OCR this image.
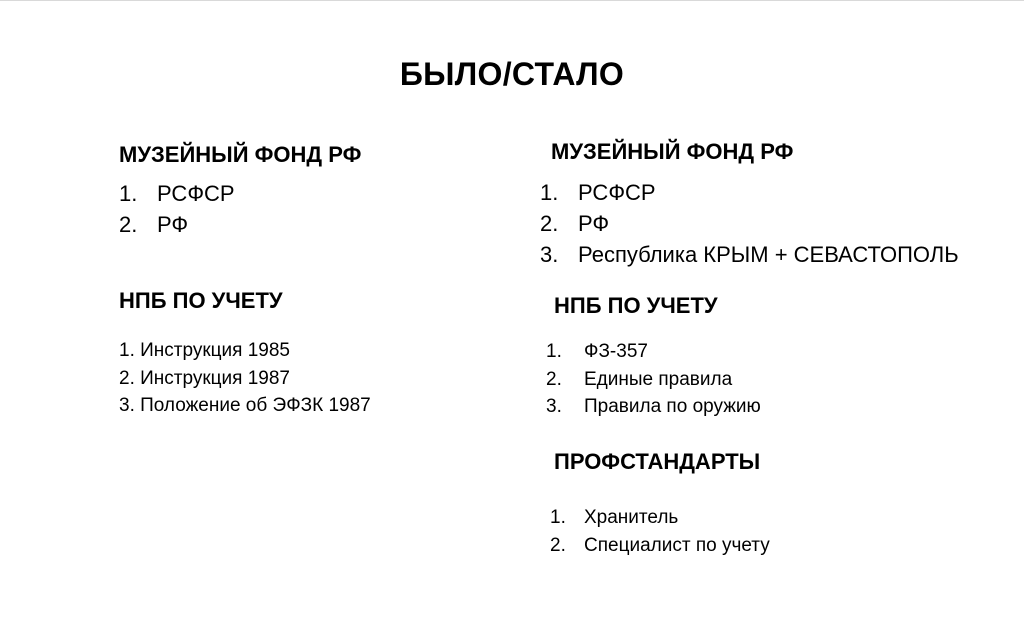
БЫЛО/СТАЛО
МУЗЕЙНЫЙ ФОНД РФ
1. РСФСР
2. РФ
НПБ ПО УЧЕТУ
1. Инструкция 1985
2. Инструкция 1987
3. Положение об ЭФЗК 1987
МУЗЕЙНЫЙ ФОНД РФ
1. РСФСР
2. РФ
3. Республика КРЫМ + СЕВАСТОПОЛЬ
НПБ ПО УЧЕТУ
1.	ФЗ-357
2.	Единые правила
3.	Правила по оружию
ПРОФСТАНДАРТЫ
1. Хранитель
2. Специалист по учету
